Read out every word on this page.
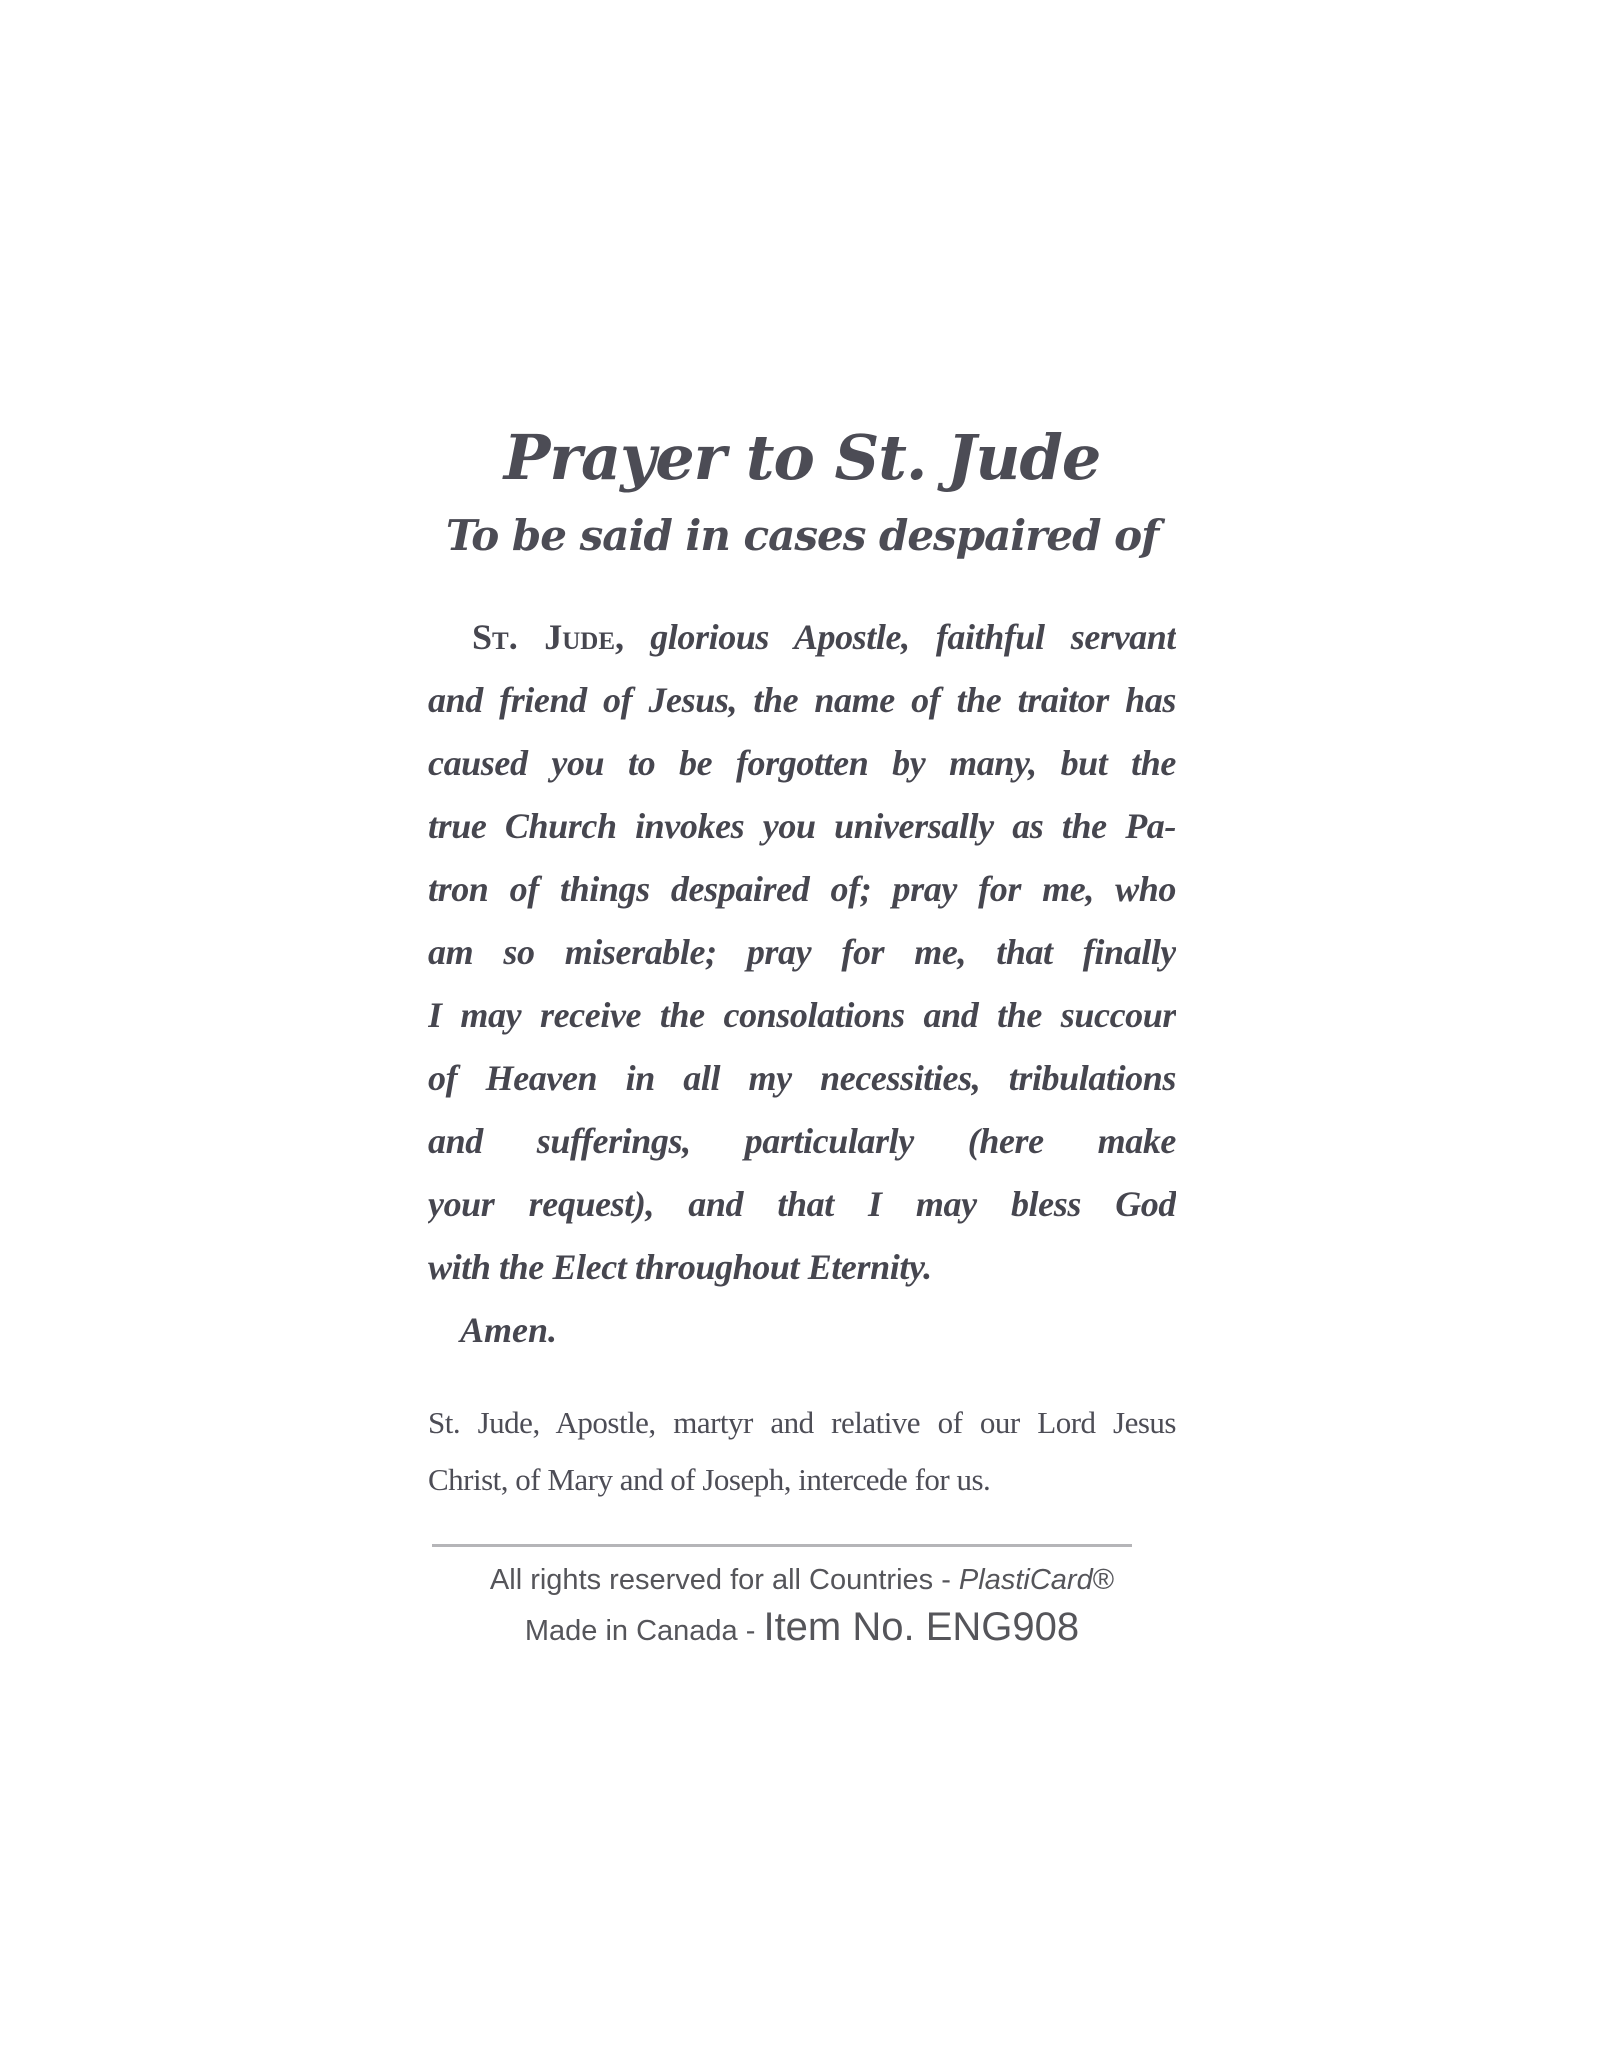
Prayer to St. Jude
To be said in cases despaired of
St. Jude, glorious Apostle, faithful servant
and friend of Jesus, the name of the traitor has
caused you to be forgotten by many, but the
true Church invokes you universally as the Pa-
tron of things despaired of; pray for me, who
am so miserable; pray for me, that finally
I may receive the consolations and the succour
of Heaven in all my necessities, tribulations
and sufferings, particularly (here make
your request), and that I may bless God
with the Elect throughout Eternity.
Amen.
St. Jude, Apostle, martyr and relative of our Lord Jesus
Christ, of Mary and of Joseph, intercede for us.
All rights reserved for all Countries - PlastiCard®
Made in Canada - Item No. ENG908
